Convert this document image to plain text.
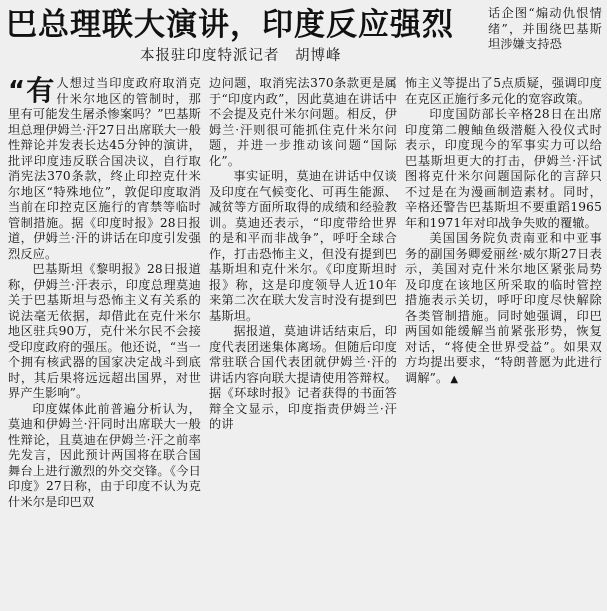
巴总理联大演讲，印度反应强烈
本报驻印度特派记者　胡博峰

“ 有 人想过当印度政府取消克什米尔地区的管制时，那里有可能发生屠杀惨案吗？”巴基斯坦总理伊姆兰·汗27日出席联大一般性辩论并发表长达45分钟的演讲，批评印度违反联合国决议，自行取消宪法370条款，终止印控克什米尔地区“特殊地位”，敦促印度取消当前在印控克区施行的宵禁等临时管制措施。据《印度时报》28日报道，伊姆兰·汗的讲话在印度引发强烈反应。

巴基斯坦《黎明报》28日报道称，伊姆兰·汗表示，印度总理莫迪关于巴基斯坦与恐怖主义有关系的说法毫无依据，却借此在克什米尔地区驻兵90万，克什米尔民不会接受印度政府的强压。他还说，“当一个拥有核武器的国家决定战斗到底时，其后果将远远超出国界，对世界产生影响”。

印度媒体此前普遍分析认为，莫迪和伊姆兰·汗同时出席联大一般性辩论，且莫迪在伊姆兰·汗之前率先发言，因此预计两国将在联合国舞台上进行激烈的外交交锋。《今日印度》27日称，由于印度不认为克什米尔是印巴双

边问题，取消宪法370条款更是属于“印度内政”，因此莫迪在讲话中不会提及克什米尔问题。相反，伊姆兰·汗则很可能抓住克什米尔问题，并进一步推动该问题“国际化”。

事实证明，莫迪在讲话中仅谈及印度在气候变化、可再生能源、减贫等方面所取得的成绩和经验教训。莫迪还表示，“印度带给世界的是和平而非战争”，呼吁全球合作，打击恐怖主义，但没有提到巴基斯坦和克什米尔。《印度斯坦时报》称，这是印度领导人近10年来第二次在联大发言时没有提到巴基斯坦。

据报道，莫迪讲话结束后，印度代表团迷集体离场。但随后印度常驻联合国代表团就伊姆兰·汗的讲话内容向联大提请使用答辩权。据《环球时报》记者获得的书面答辩全文显示，印度指责伊姆兰·汗的讲

话企图“煽动仇恨情绪”，并围绕巴基斯坦涉嫌支持恐

怖主义等提出了5点质疑，强调印度在克区正施行多元化的宽容政策。

印度国防部长辛格28日在出席印度第二艘鲉鱼级潜艇入役仪式时表示，印度现今的军事实力可以给巴基斯坦更大的打击，伊姆兰·汗试图将克什米尔问题国际化的言辞只不过是在为漫画制造素材。同时，辛格还警告巴基斯坦不要重蹈1965年和1971年对印战争失败的覆辙。

美国国务院负责南亚和中亚事务的副国务卿爱丽丝·威尔斯27日表示，美国对克什米尔地区紧张局势及印度在该地区所采取的临时管控措施表示关切，呼吁印度尽快解除各类管制措施。同时她强调，印巴两国如能缓解当前紧张形势，恢复对话，“将使全世界受益”。如果双方均提出要求，“特朗普愿为此进行调解”。 ▲
